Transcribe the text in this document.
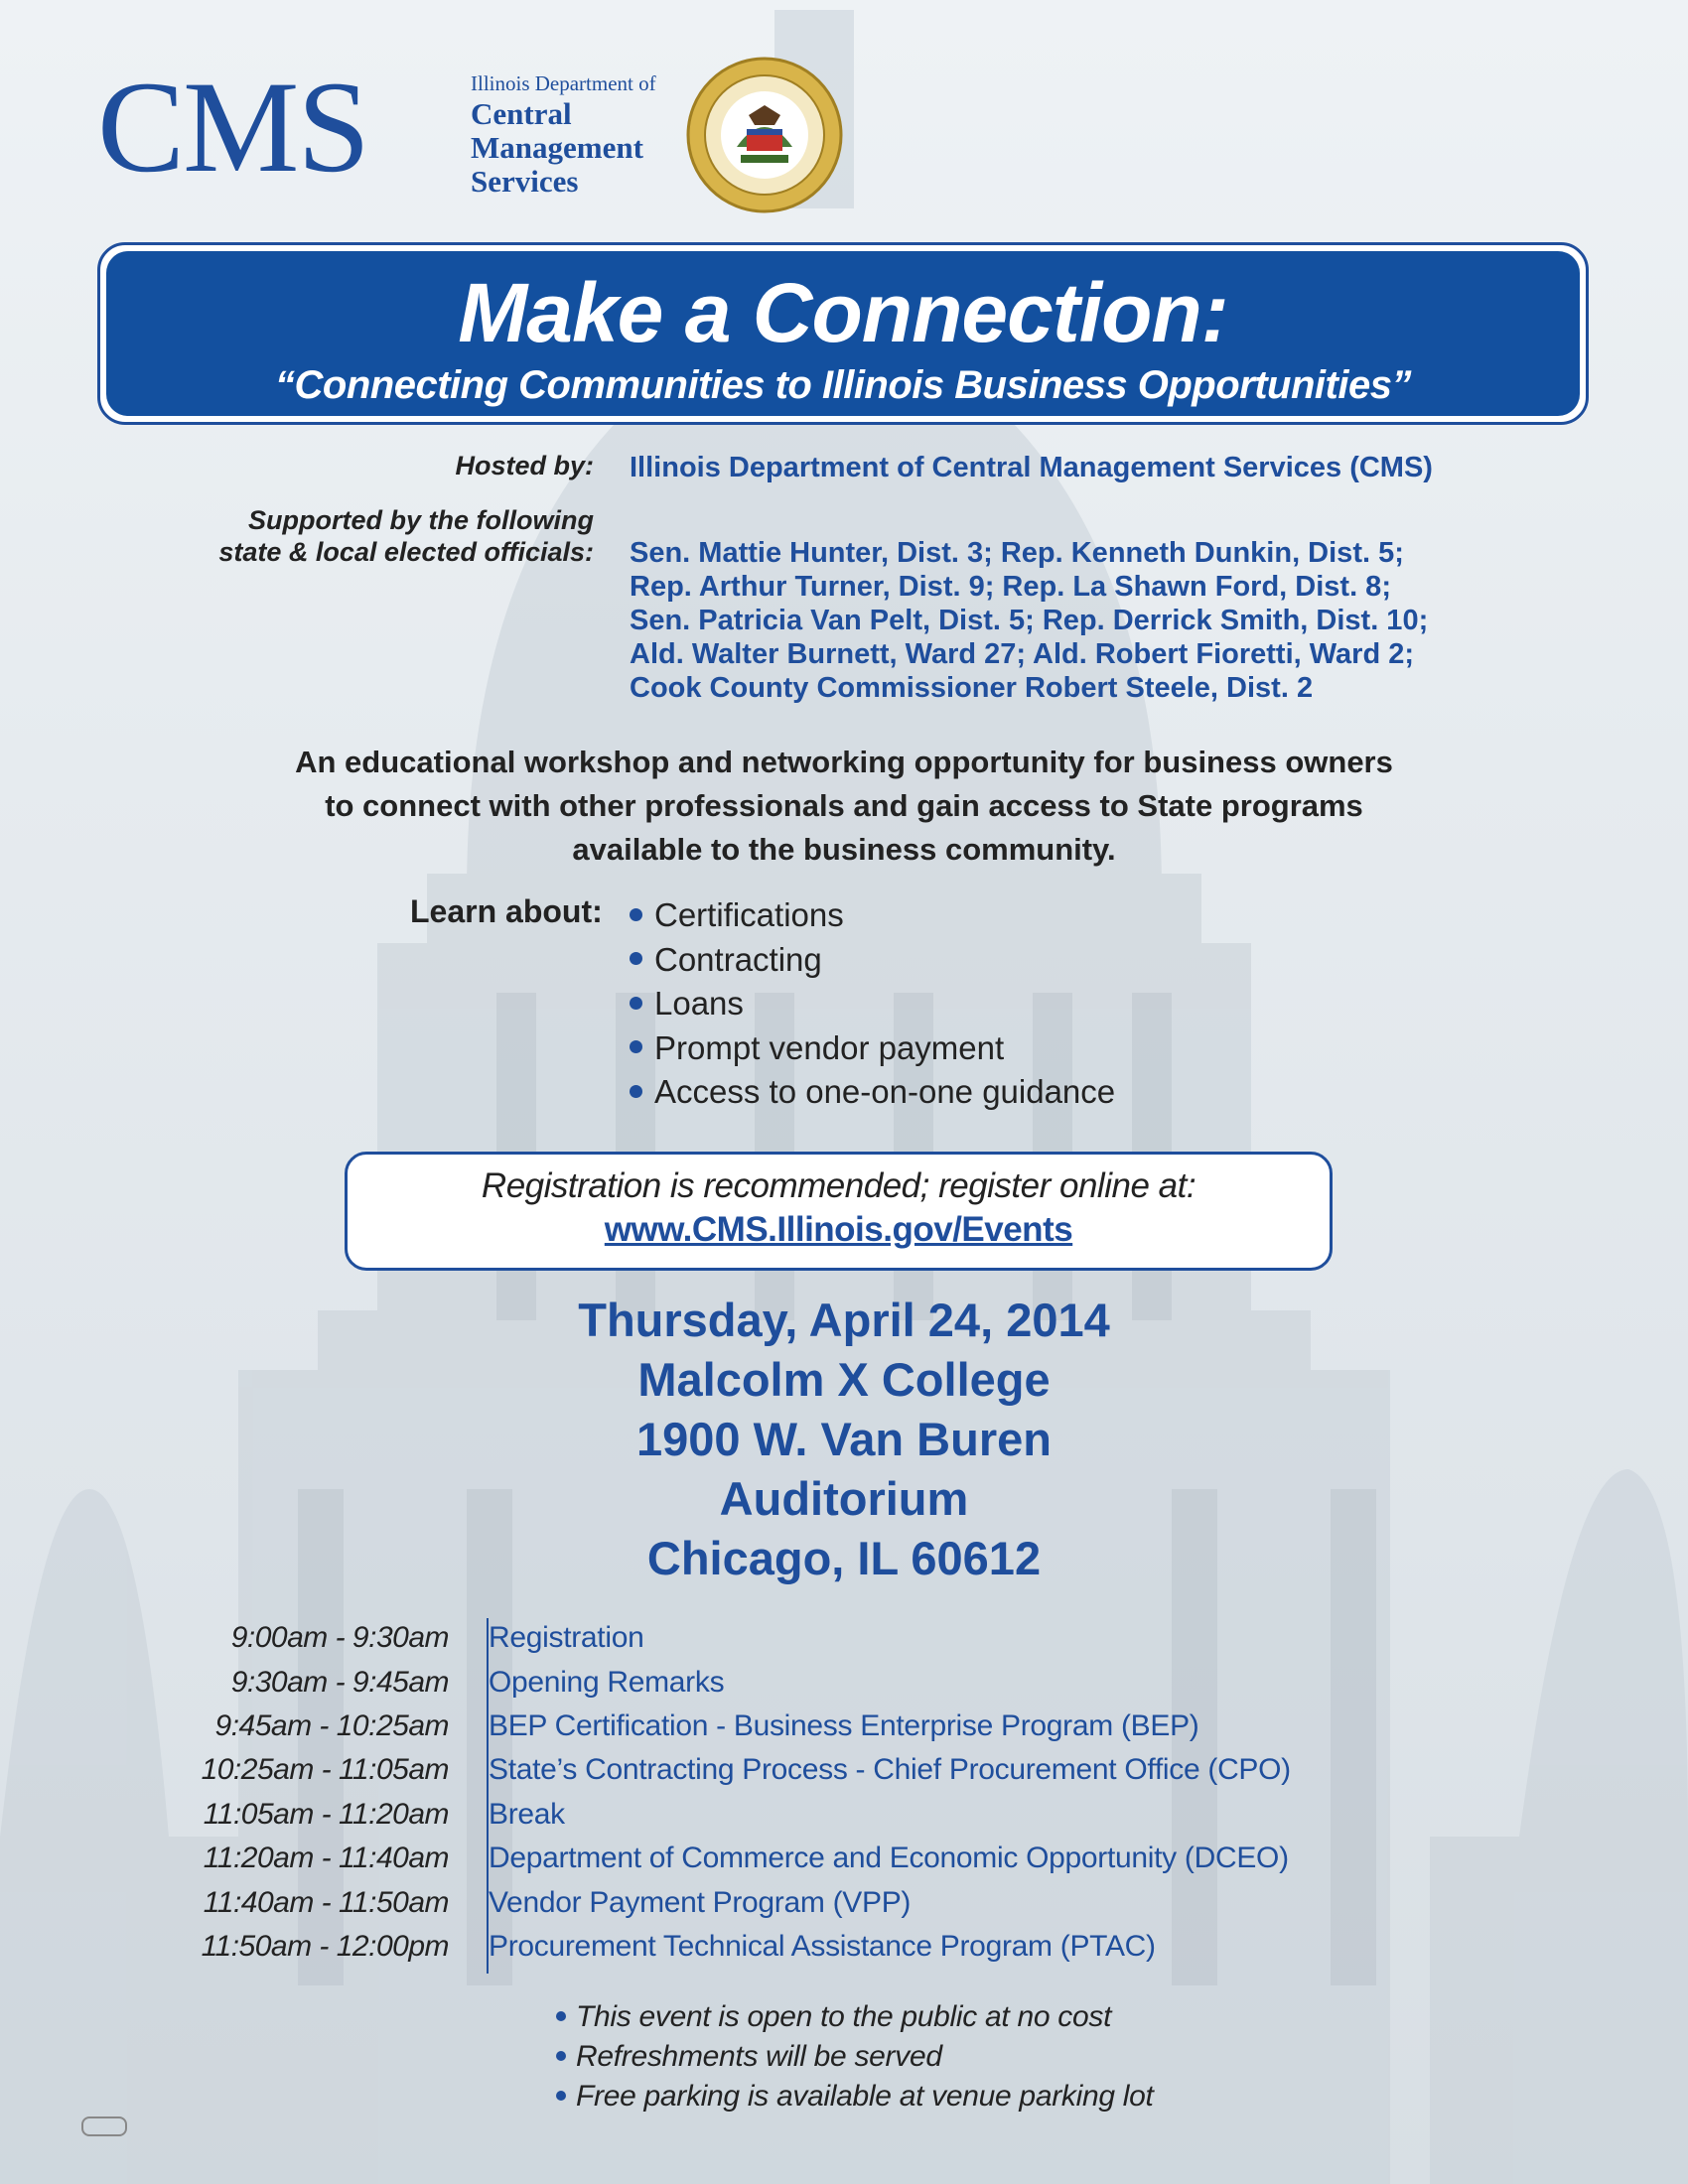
CMS	Illinois Department of
Central
Management
Services
Make a Connection:
“Connecting Communities to Illinois Business Opportunities”
Hosted by: Illinois Department of Central Management Services (CMS)
Supported by the following
state & local elected officials: Sen. Mattie Hunter, Dist. 3; Rep. Kenneth Dunkin, Dist. 5;
Rep. Arthur Turner, Dist. 9; Rep. La Shawn Ford, Dist. 8;
Sen. Patricia Van Pelt, Dist. 5; Rep. Derrick Smith, Dist. 10;
Ald. Walter Burnett, Ward 27; Ald. Robert Fioretti, Ward 2;
Cook County Commissioner Robert Steele, Dist. 2
An educational workshop and networking opportunity for business owners
to connect with other professionals and gain access to State programs
available to the business community.
Learn about:	Certifications
Contracting
Loans
Prompt vendor payment
Access to one-on-one guidance
Registration is recommended; register online at:
www.CMS.Illinois.gov/Events
Thursday, April 24, 2014
Malcolm X College
1900 W. Van Buren
Auditorium
Chicago, IL 60612
9:00am - 9:30am	Registration
9:30am - 9:45am	Opening Remarks
9:45am - 10:25am	BEP Certification - Business Enterprise Program (BEP)
10:25am - 11:05am	State’s Contracting Process - Chief Procurement Office (CPO)
11:05am - 11:20am	Break
11:20am - 11:40am	Department of Commerce and Economic Opportunity (DCEO)
11:40am - 11:50am	Vendor Payment Program (VPP)
11:50am - 12:00pm	Procurement Technical Assistance Program (PTAC)
This event is open to the public at no cost
Refreshments will be served
Free parking is available at venue parking lot
